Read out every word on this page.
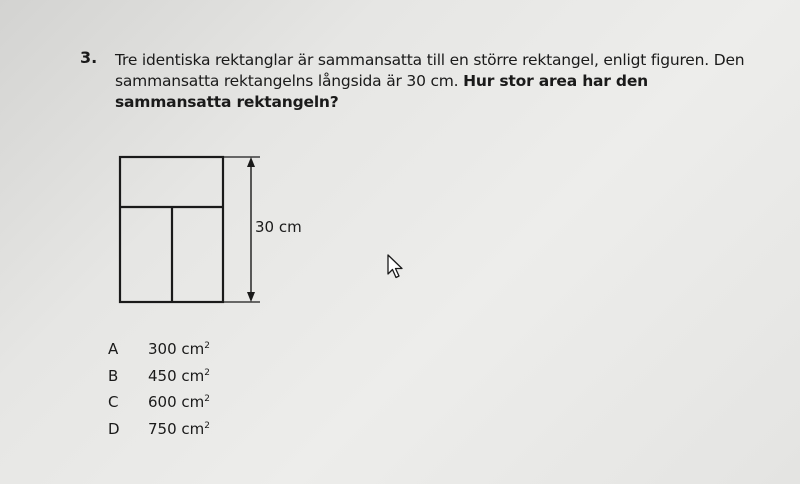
3. Tre identiska rektanglar är sammansatta till en större rektangel, enligt figuren. Den sammansatta rektangelns långsida är 30 cm. Hur stor area har den sammansatta rektangeln?
30 cm
A	300 $cm^2$
B	450 $cm^2$
C	600 $cm^2$
D	750 $cm^2$
